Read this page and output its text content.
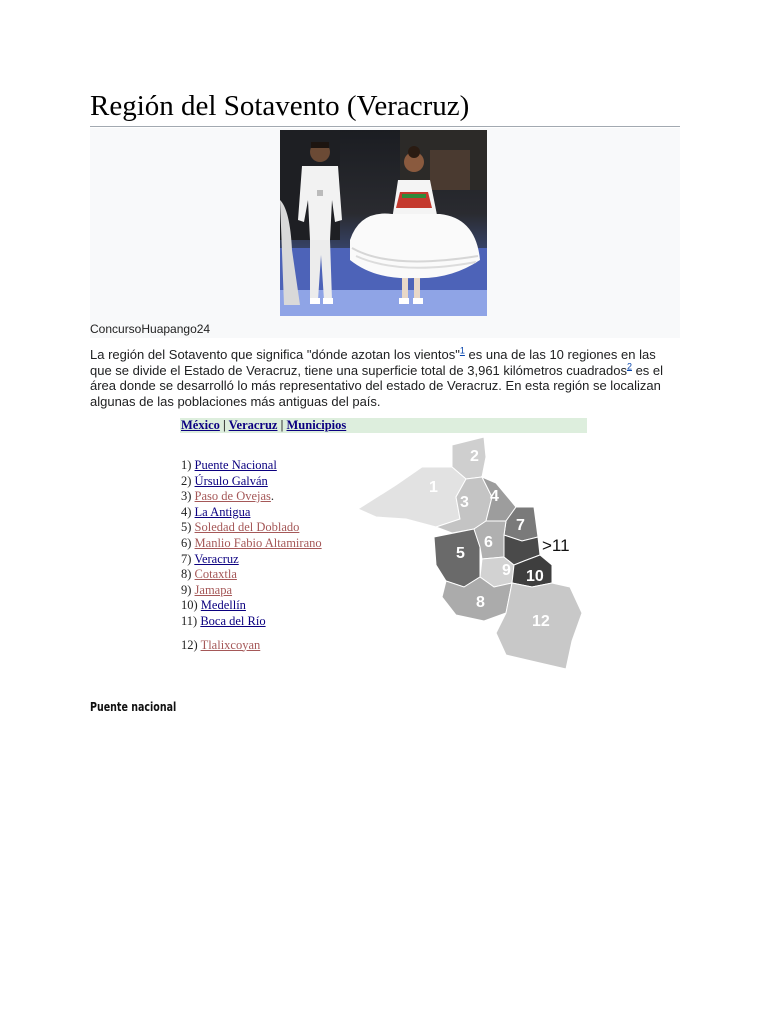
Región del Sotavento (Veracruz)
ConcursoHuapango24

La región del Sotavento que significa "dónde azotan los vientos"$^1$ es una de las 10 regiones en las que se divide el Estado de Veracruz, tiene una superficie total de 3,961 kilómetros cuadrados$^2$ es el área donde se desarrolló lo más representativo del estado de Veracruz. En esta región se localizan algunas de las poblaciones más antiguas del país.

México | Veracruz | Municipios
1) Puente Nacional
2) Úrsulo Galván
3) Paso de Ovejas.
4) La Antigua
5) Soledad del Doblado
6) Manlio Fabio Altamirano
7) Veracruz
8) Cotaxtla
9) Jamapa
10) Medellín
11) Boca del Río
12) Tlalixcoyan
1
2
3 4
5
6
7
8
9 10
>11
12
Puente nacional
